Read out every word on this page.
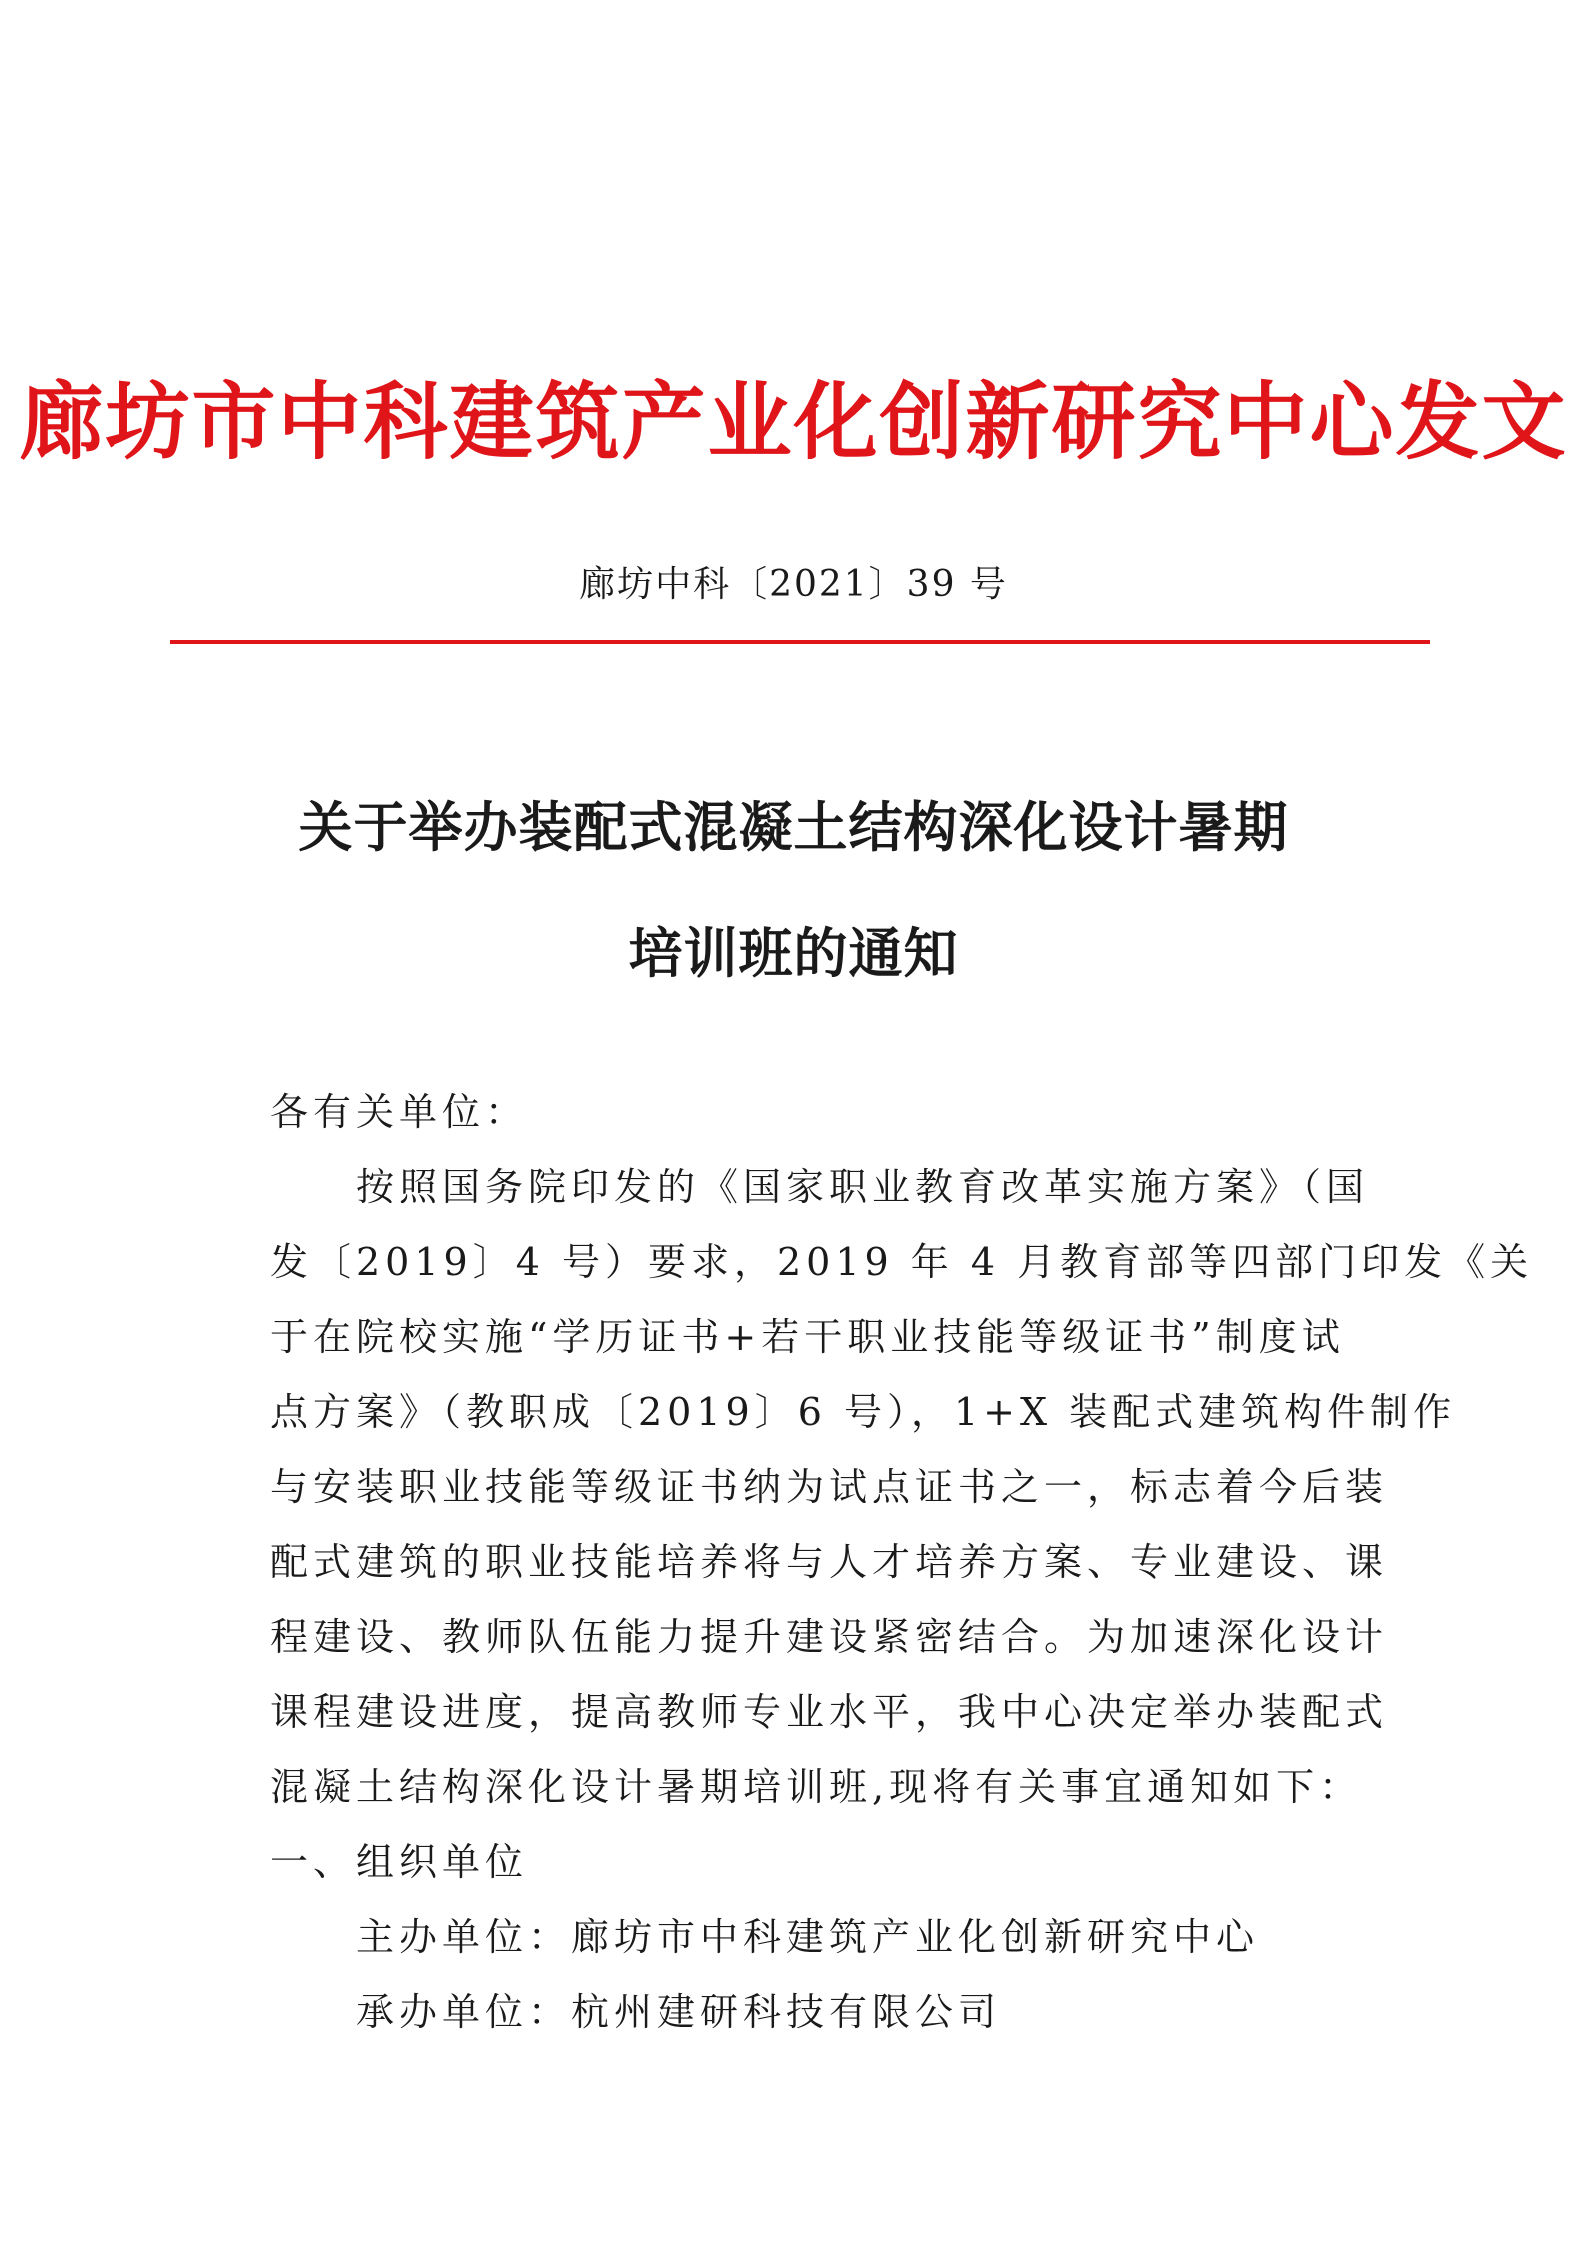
廊坊市中科建筑产业化创新研究中心发文
廊坊中科〔2021〕39 号
关于举办装配式混凝土结构深化设计暑期
培训班的通知
各有关单位：
按照国务院印发的《国家职业教育改革实施方案》（国
发〔2019〕4 号）要求，2019 年 4 月教育部等四部门印发《关
于在院校实施“学历证书+若干职业技能等级证书”制度试
点方案》（教职成〔2019〕6 号），1+X 装配式建筑构件制作
与安装职业技能等级证书纳为试点证书之一，标志着今后装
配式建筑的职业技能培养将与人才培养方案、专业建设、课
程建设、教师队伍能力提升建设紧密结合。为加速深化设计
课程建设进度，提高教师专业水平，我中心决定举办装配式
混凝土结构深化设计暑期培训班,现将有关事宜通知如下：
一、组织单位
主办单位：廊坊市中科建筑产业化创新研究中心
承办单位：杭州建研科技有限公司
